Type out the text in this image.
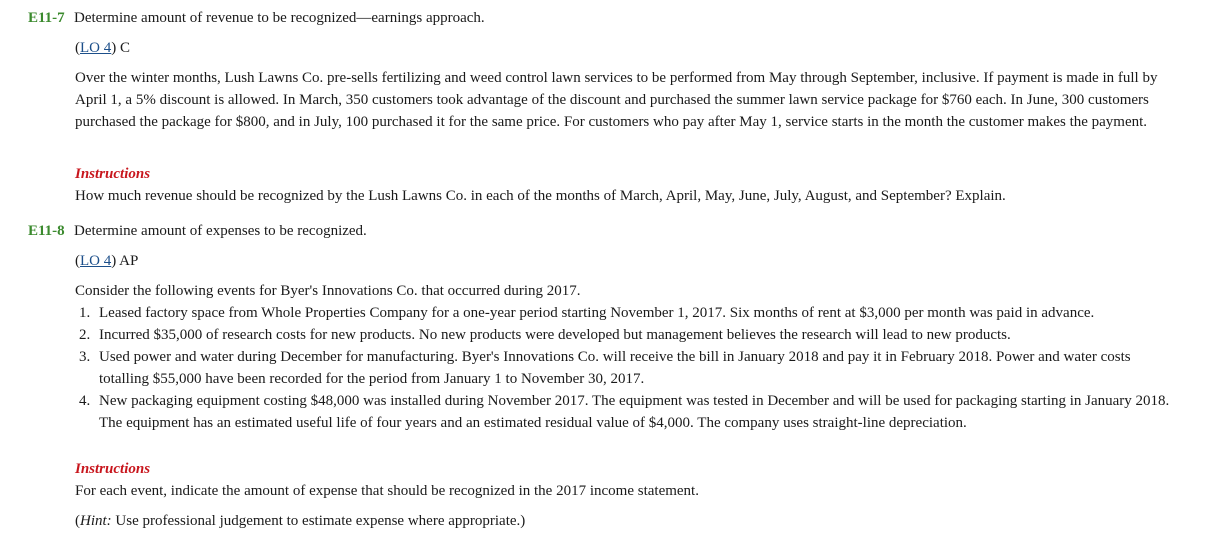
E11-7 Determine amount of revenue to be recognized—earnings approach.
(LO 4) C
Over the winter months, Lush Lawns Co. pre-sells fertilizing and weed control lawn services to be performed from May through September, inclusive. If payment is made in full by April 1, a 5% discount is allowed. In March, 350 customers took advantage of the discount and purchased the summer lawn service package for $760 each. In June, 300 customers purchased the package for $800, and in July, 100 purchased it for the same price. For customers who pay after May 1, service starts in the month the customer makes the payment.
Instructions
How much revenue should be recognized by the Lush Lawns Co. in each of the months of March, April, May, June, July, August, and September? Explain.
E11-8 Determine amount of expenses to be recognized.
(LO 4) AP
Consider the following events for Byer's Innovations Co. that occurred during 2017.
1. Leased factory space from Whole Properties Company for a one-year period starting November 1, 2017. Six months of rent at $3,000 per month was paid in advance.
2. Incurred $35,000 of research costs for new products. No new products were developed but management believes the research will lead to new products.
3. Used power and water during December for manufacturing. Byer's Innovations Co. will receive the bill in January 2018 and pay it in February 2018. Power and water costs totalling $55,000 have been recorded for the period from January 1 to November 30, 2017.
4. New packaging equipment costing $48,000 was installed during November 2017. The equipment was tested in December and will be used for packaging starting in January 2018. The equipment has an estimated useful life of four years and an estimated residual value of $4,000. The company uses straight-line depreciation.
Instructions
For each event, indicate the amount of expense that should be recognized in the 2017 income statement.
(Hint: Use professional judgement to estimate expense where appropriate.)
